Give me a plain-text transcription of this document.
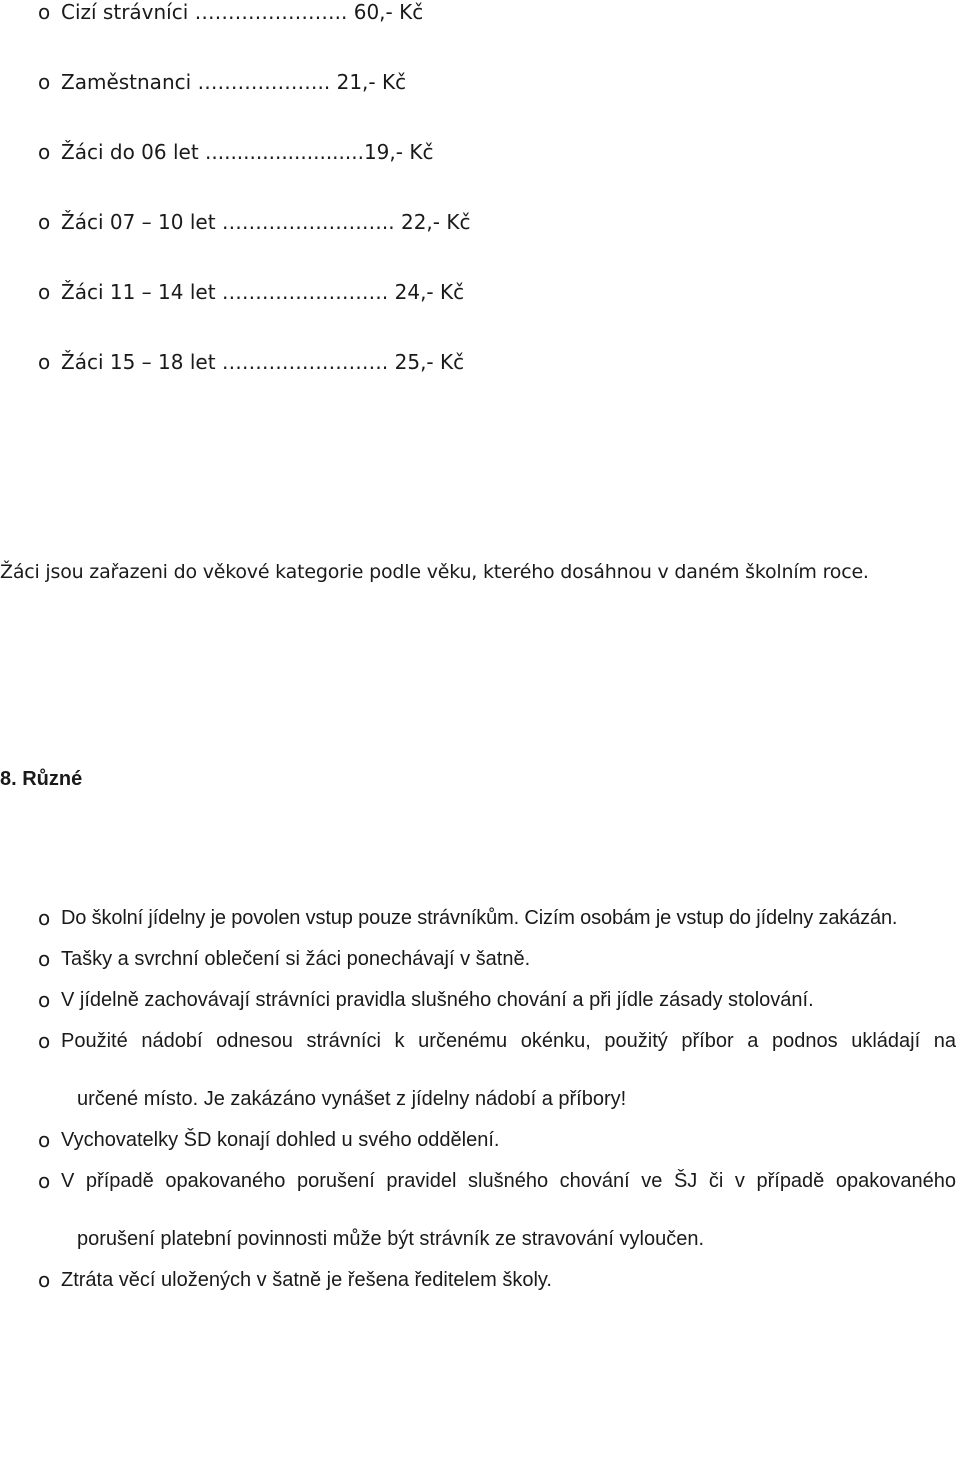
o Cizí strávníci ………………….. 60,- Kč
o Zaměstnanci ……………….. 21,- Kč
o Žáci do 06 let .........................19,- Kč
o Žáci 07 – 10 let …………………….. 22,- Kč
o Žáci 11 – 14 let ……………………. 24,- Kč
o Žáci 15 – 18 let ……………………. 25,- Kč

Žáci jsou zařazeni do věkové kategorie podle věku, kterého dosáhnou v daném školním roce.

8. Různé
o Do školní jídelny je povolen vstup pouze strávníkům. Cizím osobám je vstup do jídelny zakázán.
o Tašky a svrchní oblečení si žáci ponechávají v šatně.
o V jídelně zachovávají strávníci pravidla slušného chování a při jídle zásady stolování.
o Použité nádobí odnesou strávníci k určenému okénku, použitý příbor a podnos ukládají na
určené místo. Je zakázáno vynášet z jídelny nádobí a příbory!
o Vychovatelky ŠD konají dohled u svého oddělení.
o V případě opakovaného porušení pravidel slušného chování ve ŠJ či v případě opakovaného
porušení platební povinnosti může být strávník ze stravování vyloučen.
o Ztráta věcí uložených v šatně je řešena ředitelem školy.
